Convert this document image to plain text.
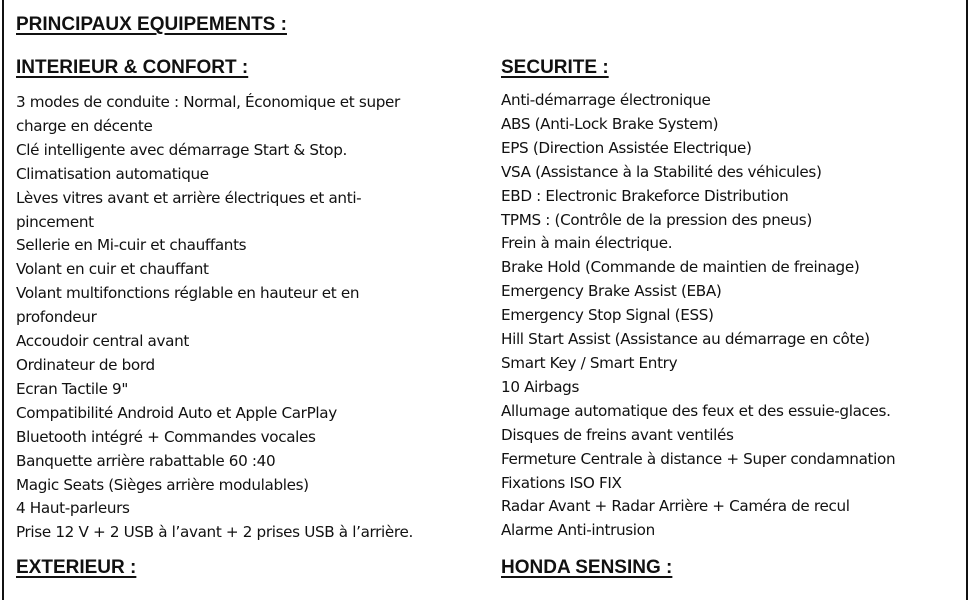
PRINCIPAUX EQUIPEMENTS :
INTERIEUR & CONFORT :
3 modes de conduite : Normal, Économique et super
charge en décente
Clé intelligente avec démarrage Start & Stop.
Climatisation automatique
Lèves vitres avant et arrière électriques et anti-
pincement
Sellerie en Mi-cuir et chauffants
Volant en cuir et chauffant
Volant multifonctions réglable en hauteur et en
profondeur
Accoudoir central avant
Ordinateur de bord
Ecran Tactile 9"
Compatibilité Android Auto et Apple CarPlay
Bluetooth intégré + Commandes vocales
Banquette arrière rabattable 60 :40
Magic Seats (Sièges arrière modulables)
4 Haut-parleurs
Prise 12 V + 2 USB à l’avant + 2 prises USB à l’arrière.
SECURITE :
Anti-démarrage électronique
ABS (Anti-Lock Brake System)
EPS (Direction Assistée Electrique)
VSA (Assistance à la Stabilité des véhicules)
EBD : Electronic Brakeforce Distribution
TPMS : (Contrôle de la pression des pneus)
Frein à main électrique.
Brake Hold (Commande de maintien de freinage)
Emergency Brake Assist (EBA)
Emergency Stop Signal (ESS)
Hill Start Assist (Assistance au démarrage en côte)
Smart Key / Smart Entry
10 Airbags
Allumage automatique des feux et des essuie-glaces.
Disques de freins avant ventilés
Fermeture Centrale à distance + Super condamnation
Fixations ISO FIX
Radar Avant + Radar Arrière + Caméra de recul
Alarme Anti-intrusion
EXTERIEUR :	HONDA SENSING :
